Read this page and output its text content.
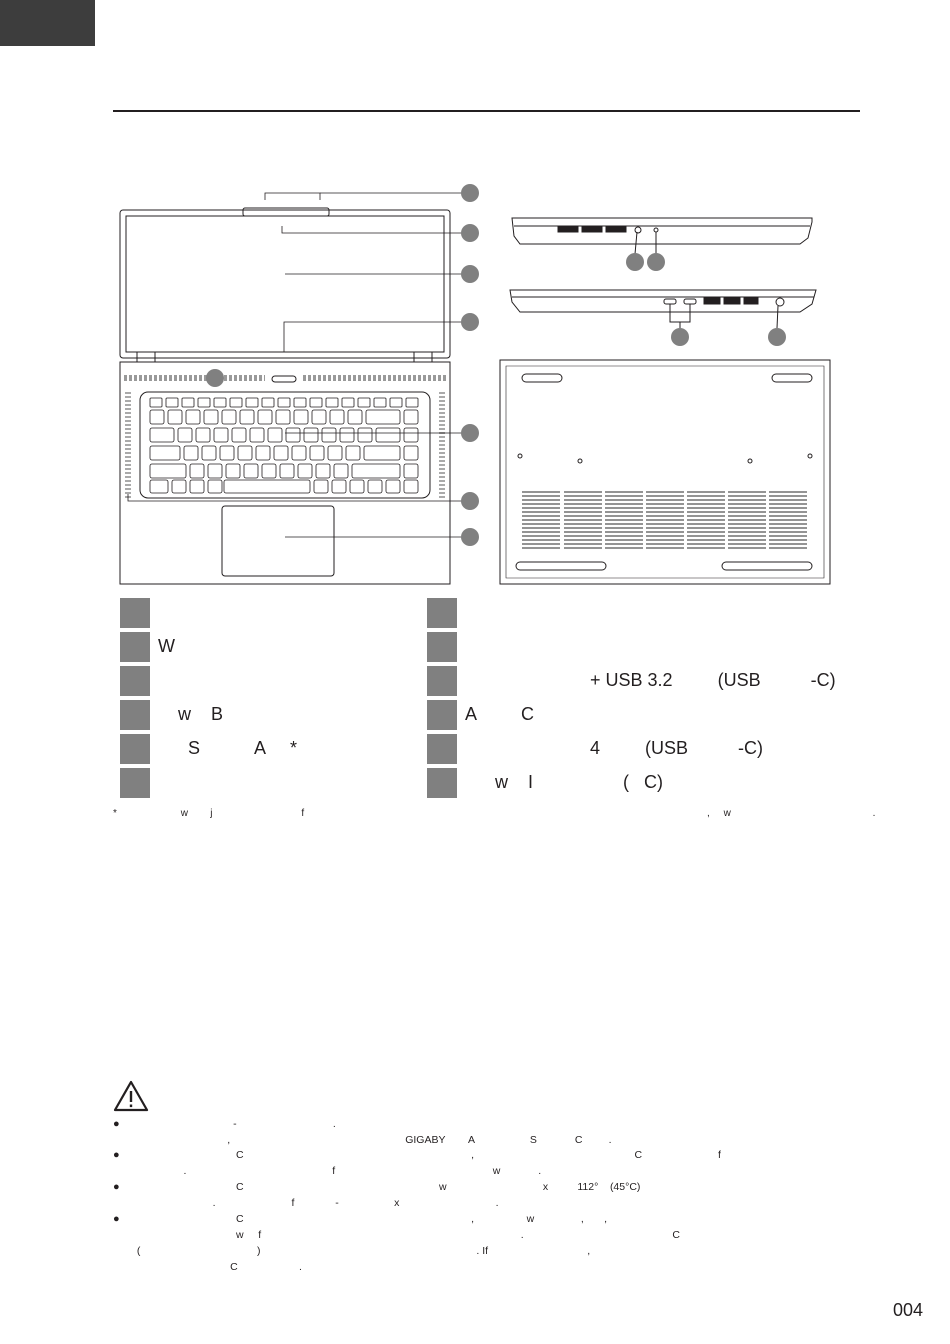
W
w    B
S           A     *
+ USB 3.2         (USB          -C)
A         C
4         (USB          -C)
w    I                  (   C)
*                       w        j                                f                                                                                                                                                 ,     w                                                   .
● -                                 .
,                                                            GIGABY        A                   S             C         .
● C                                                                              ,                                                       C                          f
.                                                  f                                                      w             .
● C                                                                   w                                 x          112°    (45°C)
.                          f              -                   x                                 .
● C                                                                              ,                  w                ,       ,
w     f                                                                                         .                                                   C
(                                        )                                                                          . If                                  ,
C                     .
004
